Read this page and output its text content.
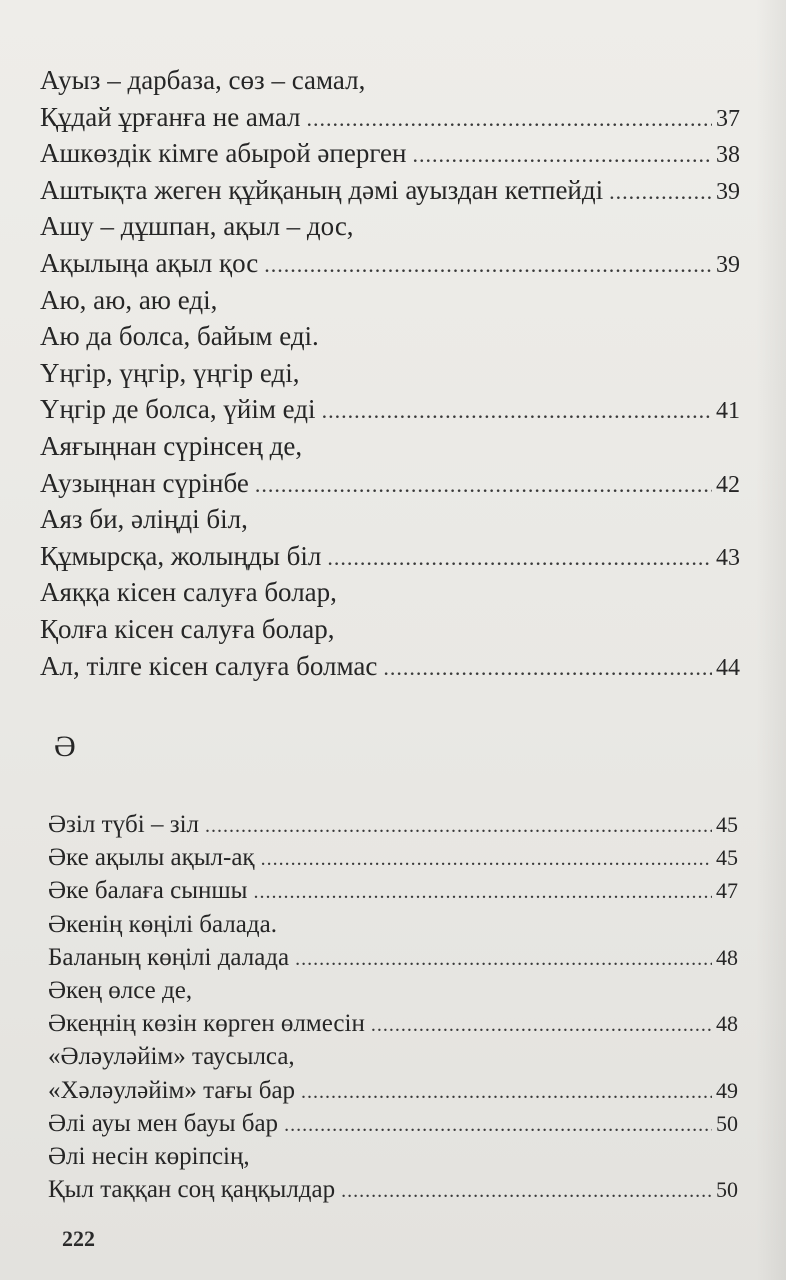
Ауыз – дарбаза, сөз – самал,
Құдай ұрғанға не амал .....	37
Ашкөздік кімге абырой әперген .....	38
Аштықта жеген құйқаның дәмі ауыздан кетпейді .....	39
Ашу – дұшпан, ақыл – дос,
Ақылыңа ақыл қос .....	39
Аю, аю, аю еді,
Аю да болса, байым еді.
Үңгір, үңгір, үңгір еді,
Үңгір де болса, үйім еді .....	41
Аяғыңнан сүрінсең де,
Аузыңнан сүрінбе .....	42
Аяз би, әліңді біл,
Құмырсқа, жолыңды біл .....	43
Аяққа кісен салуға болар,
Қолға кісен салуға болар,
Ал, тілге кісен салуға болмас .....	44
Ә
Әзіл түбі – зіл .....	45
Әке ақылы ақыл-ақ .....	45
Әке балаға сыншы .....	47
Әкенің көңілі балада.
Баланың көңілі далада .....	48
Әкең өлсе де,
Әкеңнің көзін көрген өлмесін .....	48
«Әләуләйім» таусылса,
«Хәләуләйім» тағы бар .....	49
Әлі ауы мен бауы бар .....	50
Әлі несін көріпсің,
Қыл таққан соң қаңқылдар .....	50
222
